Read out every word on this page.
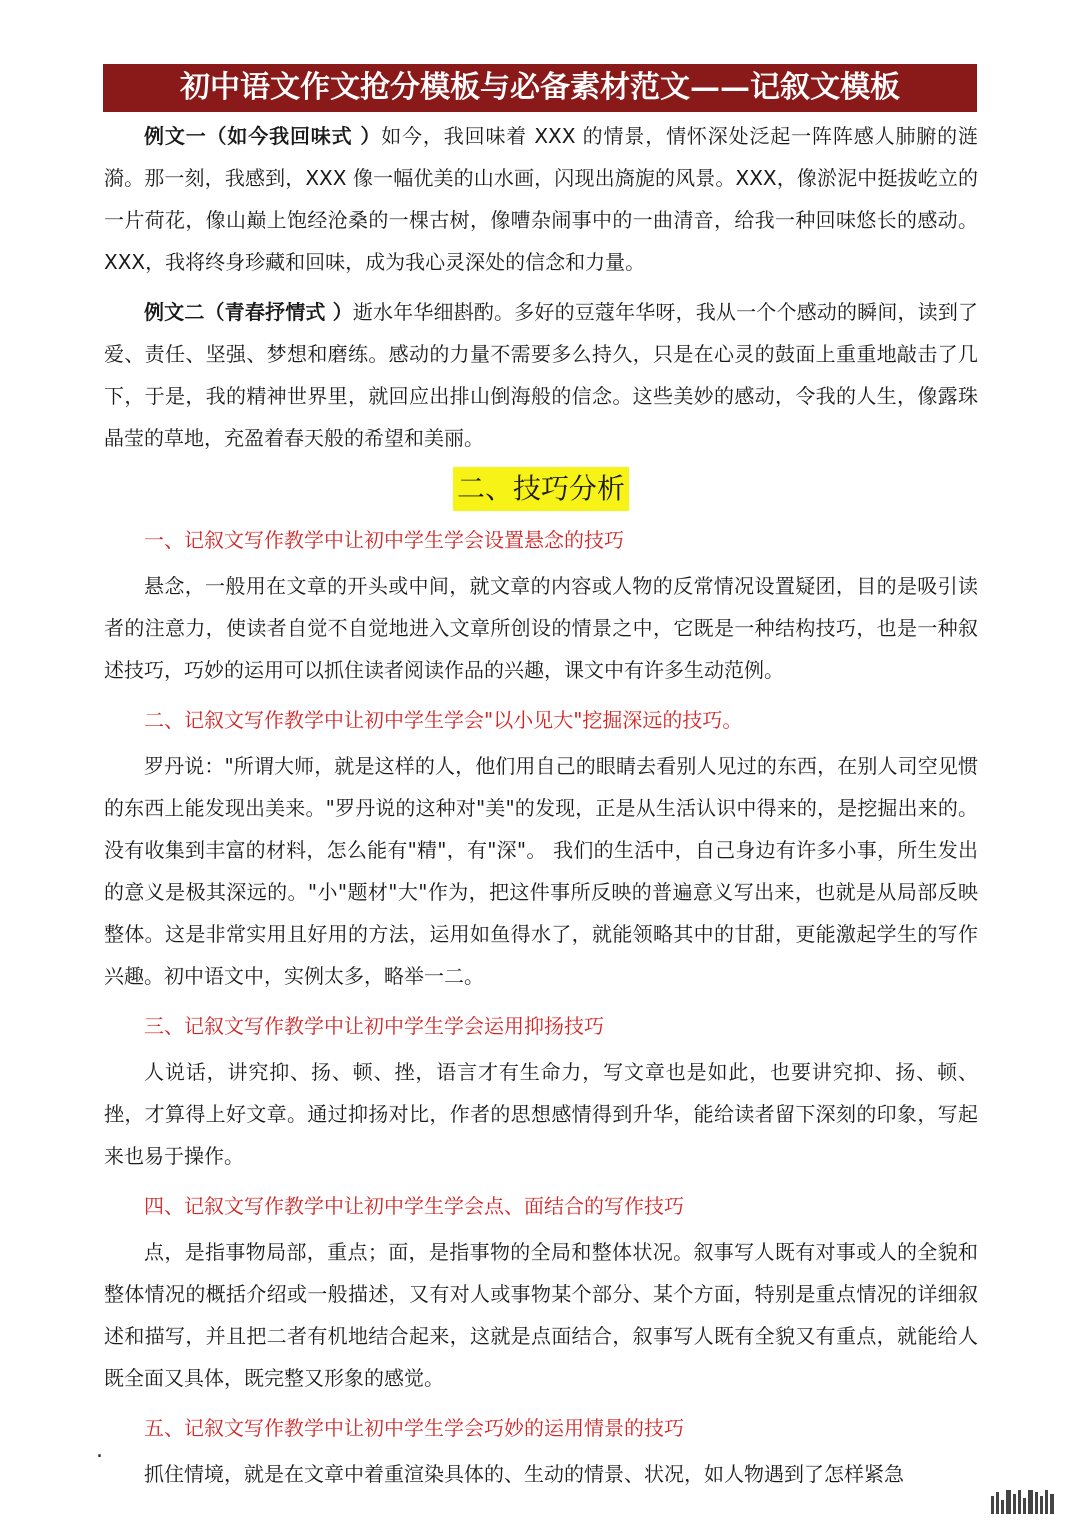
初中语文作文抢分模板与必备素材范文——记叙文模板

例文一（如今我回味式 ）如今，我回味着 XXX 的情景，情怀深处泛起一阵阵感人肺腑的涟漪。那一刻，我感到，XXX 像一幅优美的山水画，闪现出旖旎的风景。XXX，像淤泥中挺拔屹立的一片荷花，像山巅上饱经沧桑的一棵古树，像嘈杂闹事中的一曲清音，给我一种回味悠长的感动。XXX，我将终身珍藏和回味，成为我心灵深处的信念和力量。

例文二（青春抒情式 ）逝水年华细斟酌。多好的豆蔻年华呀，我从一个个感动的瞬间，读到了爱、责任、坚强、梦想和磨练。感动的力量不需要多么持久，只是在心灵的鼓面上重重地敲击了几下，于是，我的精神世界里，就回应出排山倒海般的信念。这些美妙的感动，令我的人生，像露珠晶莹的草地，充盈着春天般的希望和美丽。

二、技巧分析
一、记叙文写作教学中让初中学生学会设置悬念的技巧

悬念，一般用在文章的开头或中间，就文章的内容或人物的反常情况设置疑团，目的是吸引读者的注意力，使读者自觉不自觉地进入文章所创设的情景之中，它既是一种结构技巧，也是一种叙述技巧，巧妙的运用可以抓住读者阅读作品的兴趣，课文中有许多生动范例。

二、记叙文写作教学中让初中学生学会"以小见大"挖掘深远的技巧。

罗丹说："所谓大师，就是这样的人，他们用自己的眼睛去看别人见过的东西，在别人司空见惯的东西上能发现出美来。"罗丹说的这种对"美"的发现，正是从生活认识中得来的，是挖掘出来的。没有收集到丰富的材料，怎么能有"精"，有"深"。 我们的生活中，自己身边有许多小事，所生发出的意义是极其深远的。"小"题材"大"作为，把这件事所反映的普遍意义写出来，也就是从局部反映整体。这是非常实用且好用的方法，运用如鱼得水了，就能领略其中的甘甜，更能激起学生的写作兴趣。初中语文中，实例太多，略举一二。

三、记叙文写作教学中让初中学生学会运用抑扬技巧

人说话，讲究抑、扬、顿、挫，语言才有生命力，写文章也是如此，也要讲究抑、扬、顿、挫，才算得上好文章。通过抑扬对比，作者的思想感情得到升华，能给读者留下深刻的印象，写起来也易于操作。

四、记叙文写作教学中让初中学生学会点、面结合的写作技巧

点，是指事物局部，重点；面，是指事物的全局和整体状况。叙事写人既有对事或人的全貌和整体情况的概括介绍或一般描述，又有对人或事物某个部分、某个方面，特别是重点情况的详细叙述和描写，并且把二者有机地结合起来，这就是点面结合，叙事写人既有全貌又有重点，就能给人既全面又具体，既完整又形象的感觉。

五、记叙文写作教学中让初中学生学会巧妙的运用情景的技巧

抓住情境，就是在文章中着重渲染具体的、生动的情景、状况，如人物遇到了怎样紧急

.
